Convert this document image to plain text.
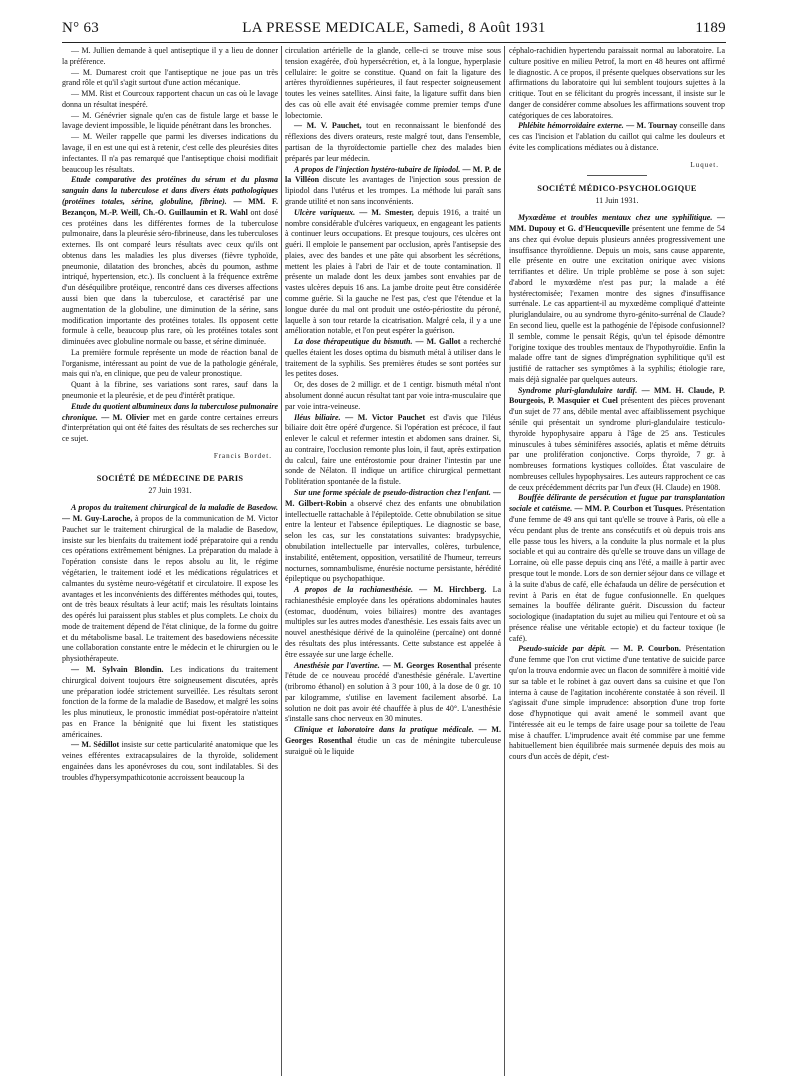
N° 63	LA PRESSE MEDICALE, Samedi, 8 Août 1931	1189

— M. Jullien demande à quel antiseptique il y a lieu de donner la préférence.

— M. Dumarest croit que l'antiseptique ne joue pas un très grand rôle et qu'il s'agit surtout d'une action mécanique.

— MM. Rist et Courcoux rapportent chacun un cas où le lavage donna un résultat inespéré.

— M. Génévrier signale qu'en cas de fistule large et basse le lavage devient impossible, le liquide pénétrant dans les bronches.

— M. Weiler rappelle que parmi les diverses indications du lavage, il en est une qui est à retenir, c'est celle des pleurésies dites infectantes. Il n'a pas remarqué que l'antiseptique choisi modifiait beaucoup les résultats.

Etude comparative des protéines du sérum et du plasma sanguin dans la tuberculose et dans divers états pathologiques (protéines totales, sérine, globuline, fibrine). — MM. F. Bezançon, M.-P. Weill, Ch.-O. Guillaumin et R. Wahl ont dosé ces protéines dans les différentes formes de la tuberculose pulmonaire, dans la pleurésie séro-fibrineuse, dans les tuberculoses externes. Ils ont comparé leurs résultats avec ceux qu'ils ont obtenus dans les maladies les plus diverses (fièvre typhoïde, pneumonie, dilatation des bronches, abcès du poumon, asthme intriqué, hypertension, etc.). Ils concluent à la fréquence extrême d'un déséquilibre protéique, rencontré dans ces diverses affections aussi bien que dans la tuberculose, et caractérisé par une augmentation de la globuline, une diminution de la sérine, sans modification importante des protéines totales. Ils opposent cette formule à celle, beaucoup plus rare, où les protéines totales sont diminuées avec globuline normale ou basse, et sérine diminuée.

La première formule représente un mode de réaction banal de l'organisme, intéressant au point de vue de la pathologie générale, mais qui n'a, en clinique, que peu de valeur pronostique.

Quant à la fibrine, ses variations sont rares, sauf dans la pneumonie et la pleurésie, et de peu d'intérêt pratique.

Etude du quotient albumineux dans la tuberculose pulmonaire chronique. — M. Olivier met en garde contre certaines erreurs d'interprétation qui ont été faites des résultats de ses recherches sur ce sujet.

Francis Bordet.
SOCIÉTÉ DE MÉDECINE DE PARIS
27 Juin 1931.

A propos du traitement chirurgical de la maladie de Basedow. — M. Guy-Laroche, à propos de la communication de M. Victor Pauchet sur le traitement chirurgical de la maladie de Basedow, insiste sur les bienfaits du traitement iodé préparatoire qui a rendu ces opérations extrêmement bénignes. La préparation du malade à l'opération consiste dans le repos absolu au lit, le régime végétarien, le traitement iodé et les médications régulatrices et calmantes du système neuro-végétatif et circulatoire. Il expose les avantages et les inconvénients des différentes méthodes qui, toutes, ont de très beaux résultats à leur actif; mais les résultats lointains des opérés lui paraissent plus stables et plus complets. Le choix du mode de traitement dépend de l'état clinique, de la forme du goitre et du métabolisme basal. Le traitement des basedowiens nécessite une collaboration constante entre le médecin et le chirurgien ou le physiothérapeute.

— M. Sylvain Blondin. Les indications du traitement chirurgical doivent toujours être soigneusement discutées, après une préparation iodée strictement surveillée. Les résultats seront fonction de la forme de la maladie de Basedow, et malgré les soins les plus minutieux, le pronostic immédiat post-opératoire n'atteint pas en France la bénignité que lui fixent les statistiques américaines.

— M. Sédillot insiste sur cette particularité anatomique que les veines efférentes extracapsulaires de la thyroïde, solidement engainées dans les aponévroses du cou, sont indilatables. Si des troubles d'hypersympathicotonie accroissent beaucoup la

circulation artérielle de la glande, celle-ci se trouve mise sous tension exagérée, d'où hypersécrétion, et, à la longue, hyperplasie cellulaire: le goitre se constitue. Quand on fait la ligature des artères thyroïdiennes supérieures, il faut respecter soigneusement toutes les veines satellites. Ainsi faite, la ligature suffit dans bien des cas où elle avait été envisagée comme premier temps d'une lobectomie.

— M. V. Pauchet, tout en reconnaissant le bienfondé des réflexions des divers orateurs, reste malgré tout, dans l'ensemble, partisan de la thyroïdectomie partielle chez des malades bien préparés par leur médecin.

A propos de l'injection hystéro-tubaire de lipiodol. — M. P. de la Villéon discute les avantages de l'injection sous pression de lipiodol dans l'utérus et les trompes. La méthode lui paraît sans grande utilité et non sans inconvénients.

Ulcère variqueux. — M. Smester, depuis 1916, a traité un nombre considérable d'ulcères variqueux, en engageant les patients à continuer leurs occupations. Et presque toujours, ces ulcères ont guéri. Il emploie le pansement par occlusion, après l'antisepsie des plaies, avec des bandes et une pâte qui absorbent les sécrétions, mettent les plaies à l'abri de l'air et de toute contamination. Il présente un malade dont les deux jambes sont envahies par de vastes ulcères depuis 16 ans. La jambe droite peut être considérée comme guérie. Si la gauche ne l'est pas, c'est que l'étendue et la longue durée du mal ont produit une ostéo-périostite du péroné, laquelle à son tour retarde la cicatrisation. Malgré cela, il y a une amélioration notable, et l'on peut espérer la guérison.

La dose thérapeutique du bismuth. — M. Gallot a recherché quelles étaient les doses optima du bismuth métal à utiliser dans le traitement de la syphilis. Ses premières études se sont portées sur les petites doses.

Or, des doses de 2 milligr. et de 1 centigr. bismuth métal n'ont absolument donné aucun résultat tant par voie intra-musculaire que par voie intra-veineuse.

Iléus biliaire. — M. Victor Pauchet est d'avis que l'iléus biliaire doit être opéré d'urgence. Si l'opération est précoce, il faut enlever le calcul et refermer intestin et abdomen sans drainer. Si, au contraire, l'occlusion remonte plus loin, il faut, après extirpation du calcul, faire une entérostomie pour drainer l'intestin par une sonde de Nélaton. Il indique un artifice chirurgical permettant l'oblitération spontanée de la fistule.

Sur une forme spéciale de pseudo-distraction chez l'enfant. — M. Gilbert-Robin a observé chez des enfants une obnubilation intellectuelle rattachable à l'épileptoïde. Cette obnubilation se situe entre la lenteur et l'absence épileptiques. Le diagnostic se base, selon les cas, sur les constatations suivantes: bradypsychie, obnubilation intellectuelle par intervalles, colères, turbulence, instabilité, entêtement, opposition, versatilité de l'humeur, terreurs nocturnes, somnambulisme, énurésie nocturne persistante, hérédité épileptique ou psychopathique.

A propos de la rachianesthésie. — M. Hirchberg. La rachianesthésie employée dans les opérations abdominales hautes (estomac, duodénum, voies biliaires) montre des avantages multiples sur les autres modes d'anesthésie. Les essais faits avec un nouvel anesthésique dérivé de la quinoléine (percaïne) ont donné des résultats des plus intéressants. Cette substance est appelée à être essayée sur une large échelle.

Anesthésie par l'avertine. — M. Georges Rosenthal présente l'étude de ce nouveau procédé d'anesthésie générale. L'avertine (tribromo éthanol) en solution à 3 pour 100, à la dose de 0 gr. 10 par kilogramme, s'utilise en lavement facilement absorbé. La solution ne doit pas avoir été chauffée à plus de 40°. L'anesthésie s'installe sans choc nerveux en 30 minutes.

Clinique et laboratoire dans la pratique médicale. — M. Georges Rosenthal étudie un cas de méningite tuberculeuse suraiguë où le liquide

céphalo-rachidien hypertendu paraissait normal au laboratoire. La culture positive en milieu Petrof, la mort en 48 heures ont affirmé le diagnostic. A ce propos, il présente quelques observations sur les affirmations du laboratoire qui lui semblent toujours sujettes à la critique. Tout en se félicitant du progrès incessant, il insiste sur le danger de considérer comme absolues les affirmations souvent trop catégoriques de ces laboratoires.

Phlébite hémorroïdaire externe. — M. Tournay conseille dans ces cas l'incision et l'ablation du caillot qui calme les douleurs et évite les complications médiates ou à distance.

Luquet.
SOCIÉTÉ MÉDICO-PSYCHOLOGIQUE
11 Juin 1931.

Myxœdème et troubles mentaux chez une syphilitique. — MM. Dupouy et G. d'Heucqueville présentent une femme de 54 ans chez qui évolue depuis plusieurs années progressivement une insuffisance thyroïdienne. Depuis un mois, sans cause apparente, elle présente en outre une excitation onirique avec visions terrifiantes et délire. Un triple problème se pose à son sujet: d'abord le myxœdème n'est pas pur; la malade a été hystérectomisée; l'examen montre des signes d'insuffisance surrénale. Le cas appartient-il au myxœdème compliqué d'atteinte pluriglandulaire, ou au syndrome thyro-génito-surrénal de Claude? En second lieu, quelle est la pathogénie de l'épisode confusionnel? Il semble, comme le pensait Régis, qu'un tel épisode démontre l'origine toxique des troubles mentaux de l'hypothyroïdie. Enfin la malade offre tant de signes d'imprégnation syphilitique qu'il est justifié de rattacher ses symptômes à la syphilis; étiologie rare, mais déjà signalée par quelques auteurs.

Syndrome pluri-glandulaire tardif. — MM. H. Claude, P. Bourgeois, P. Masquier et Cuel présentent des pièces provenant d'un sujet de 77 ans, débile mental avec affaiblissement psychique sénile qui présentait un syndrome pluri-glandulaire testiculo-thyroïde hypophysaire apparu à l'âge de 25 ans. Testicules minuscules à tubes séminifères associés, aplatis et même détruits par une prolifération conjonctive. Corps thyroïde, 7 gr. à nombreuses formations kystiques colloïdes. État vasculaire de nombreuses cellules hypophysaires. Les auteurs rapprochent ce cas de ceux précédemment décrits par l'un d'eux (H. Claude) en 1908.

Bouffée délirante de persécution et fugue par transplantation sociale et catéisme. — MM. P. Courbon et Tusques. Présentation d'une femme de 49 ans qui tant qu'elle se trouve à Paris, où elle a vécu pendant plus de trente ans consécutifs et où depuis trois ans elle passe tous les hivers, a la conduite la plus normale et la plus sociable et qui au contraire dès qu'elle se trouve dans un village de Lorraine, où elle passe depuis cinq ans l'été, a maille à partir avec presque tout le monde. Lors de son dernier séjour dans ce village et à la suite d'abus de café, elle échafauda un délire de persécution et revint à Paris en état de fugue confusionnelle. En quelques semaines la bouffée délirante guérit. Discussion du facteur sociologique (inadaptation du sujet au milieu qui l'entoure et où sa présence réalise une véritable ectopie) et du facteur toxique (le café).

Pseudo-suicide par dépit. — M. P. Courbon. Présentation d'une femme que l'on crut victime d'une tentative de suicide parce qu'on la trouva endormie avec un flacon de somnifère à moitié vide sur sa table et le robinet à gaz ouvert dans sa cuisine et que l'on interna à cause de l'agitation incohérente constatée à son réveil. Il s'agissait d'une simple imprudence: absorption d'une trop forte dose d'hypnotique qui avait amené le sommeil avant que l'intéressée ait eu le temps de faire usage pour sa toilette de l'eau mise à chauffer. L'imprudence avait été commise par une femme habituellement bien équilibrée mais surmenée depuis des mois au cours d'un accès de dépit, c'est-
